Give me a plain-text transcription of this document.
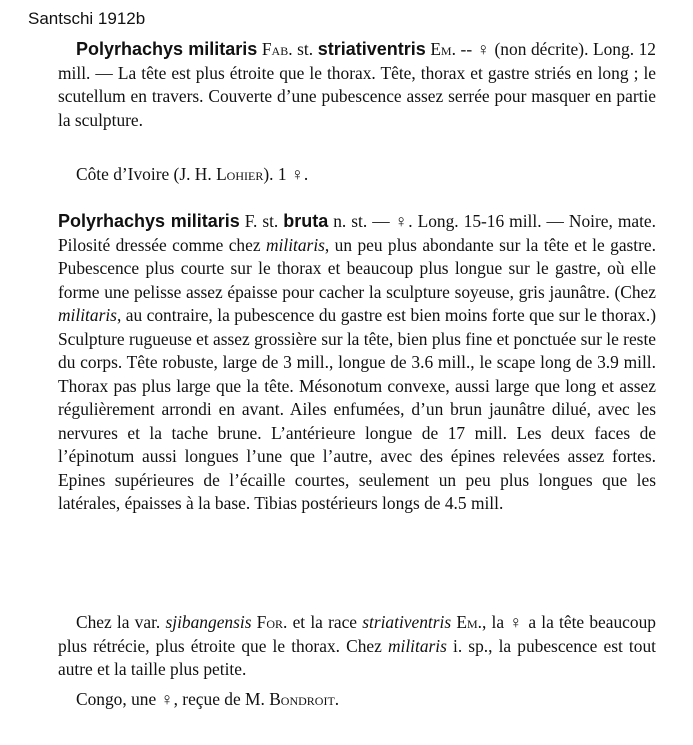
Santschi 1912b
Polyrhachys militaris Fab. st. striativentris Em. -- ♀ (non décrite). Long. 12 mill. — La tête est plus étroite que le thorax. Tête, thorax et gastre striés en long ; le scutellum en travers. Couverte d’une pubescence assez serrée pour masquer en partie la sculpture.
Côte d’Ivoire (J. H. Lohier). 1 ♀.
Polyrhachys militaris F. st. bruta n. st. — ♀. Long. 15-16 mill. — Noire, mate. Pilosité dressée comme chez militaris, un peu plus abondante sur la tête et le gastre. Pubescence plus courte sur le thorax et beaucoup plus longue sur le gastre, où elle forme une pelisse assez épaisse pour cacher la sculpture soyeuse, gris jaunâtre. (Chez militaris, au contraire, la pubescence du gastre est bien moins forte que sur le thorax.) Sculpture rugueuse et assez grossière sur la tête, bien plus fine et ponctuée sur le reste du corps. Tête robuste, large de 3 mill., longue de 3.6 mill., le scape long de 3.9 mill. Thorax pas plus large que la tête. Mésonotum convexe, aussi large que long et assez régulièrement arrondi en avant. Ailes enfumées, d’un brun jaunâtre dilué, avec les nervures et la tache brune. L’antérieure longue de 17 mill. Les deux faces de l’épinotum aussi longues l’une que l’autre, avec des épines relevées assez fortes. Epines supérieures de l’écaille courtes, seulement un peu plus longues que les latérales, épaisses à la base. Tibias postérieurs longs de 4.5 mill.
Chez la var. sjibangensis For. et la race striativentris Em., la ♀ a la tête beaucoup plus rétrécie, plus étroite que le thorax. Chez militaris i. sp., la pubescence est tout autre et la taille plus petite.
Congo, une ♀, reçue de M. Bondroit.
